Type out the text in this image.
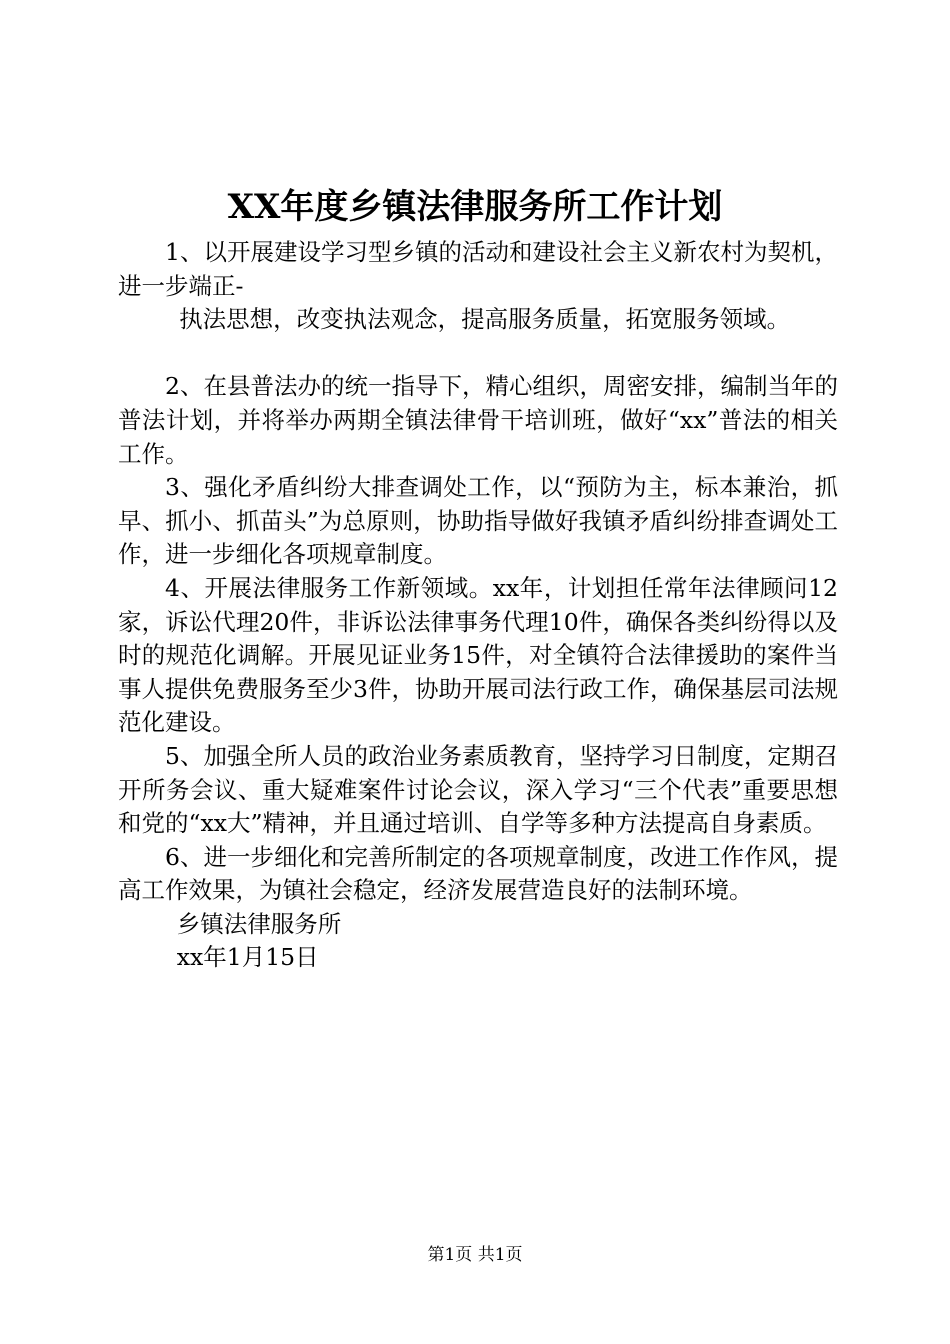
XX年度乡镇法律服务所工作计划

1、以开展建设学习型乡镇的活动和建设社会主义新农村为契机，进一步端正-

执法思想，改变执法观念，提高服务质量，拓宽服务领域。

2、在县普法办的统一指导下，精心组织，周密安排，编制当年的普法计划，并将举办两期全镇法律骨干培训班，做好“xx”普法的相关工作。

3、强化矛盾纠纷大排查调处工作，以“预防为主，标本兼治，抓早、抓小、抓苗头”为总原则，协助指导做好我镇矛盾纠纷排查调处工作，进一步细化各项规章制度。

4、开展法律服务工作新领域。xx年，计划担任常年法律顾问12家，诉讼代理20件，非诉讼法律事务代理10件，确保各类纠纷得以及时的规范化调解。开展见证业务15件，对全镇符合法律援助的案件当事人提供免费服务至少3件，协助开展司法行政工作，确保基层司法规范化建设。

5、加强全所人员的政治业务素质教育，坚持学习日制度，定期召开所务会议、重大疑难案件讨论会议，深入学习“三个代表”重要思想和党的“xx大”精神，并且通过培训、自学等多种方法提高自身素质。

6、进一步细化和完善所制定的各项规章制度，改进工作作风，提高工作效果，为镇社会稳定，经济发展营造良好的法制环境。

乡镇法律服务所

xx年1月15日

第1页 共1页
